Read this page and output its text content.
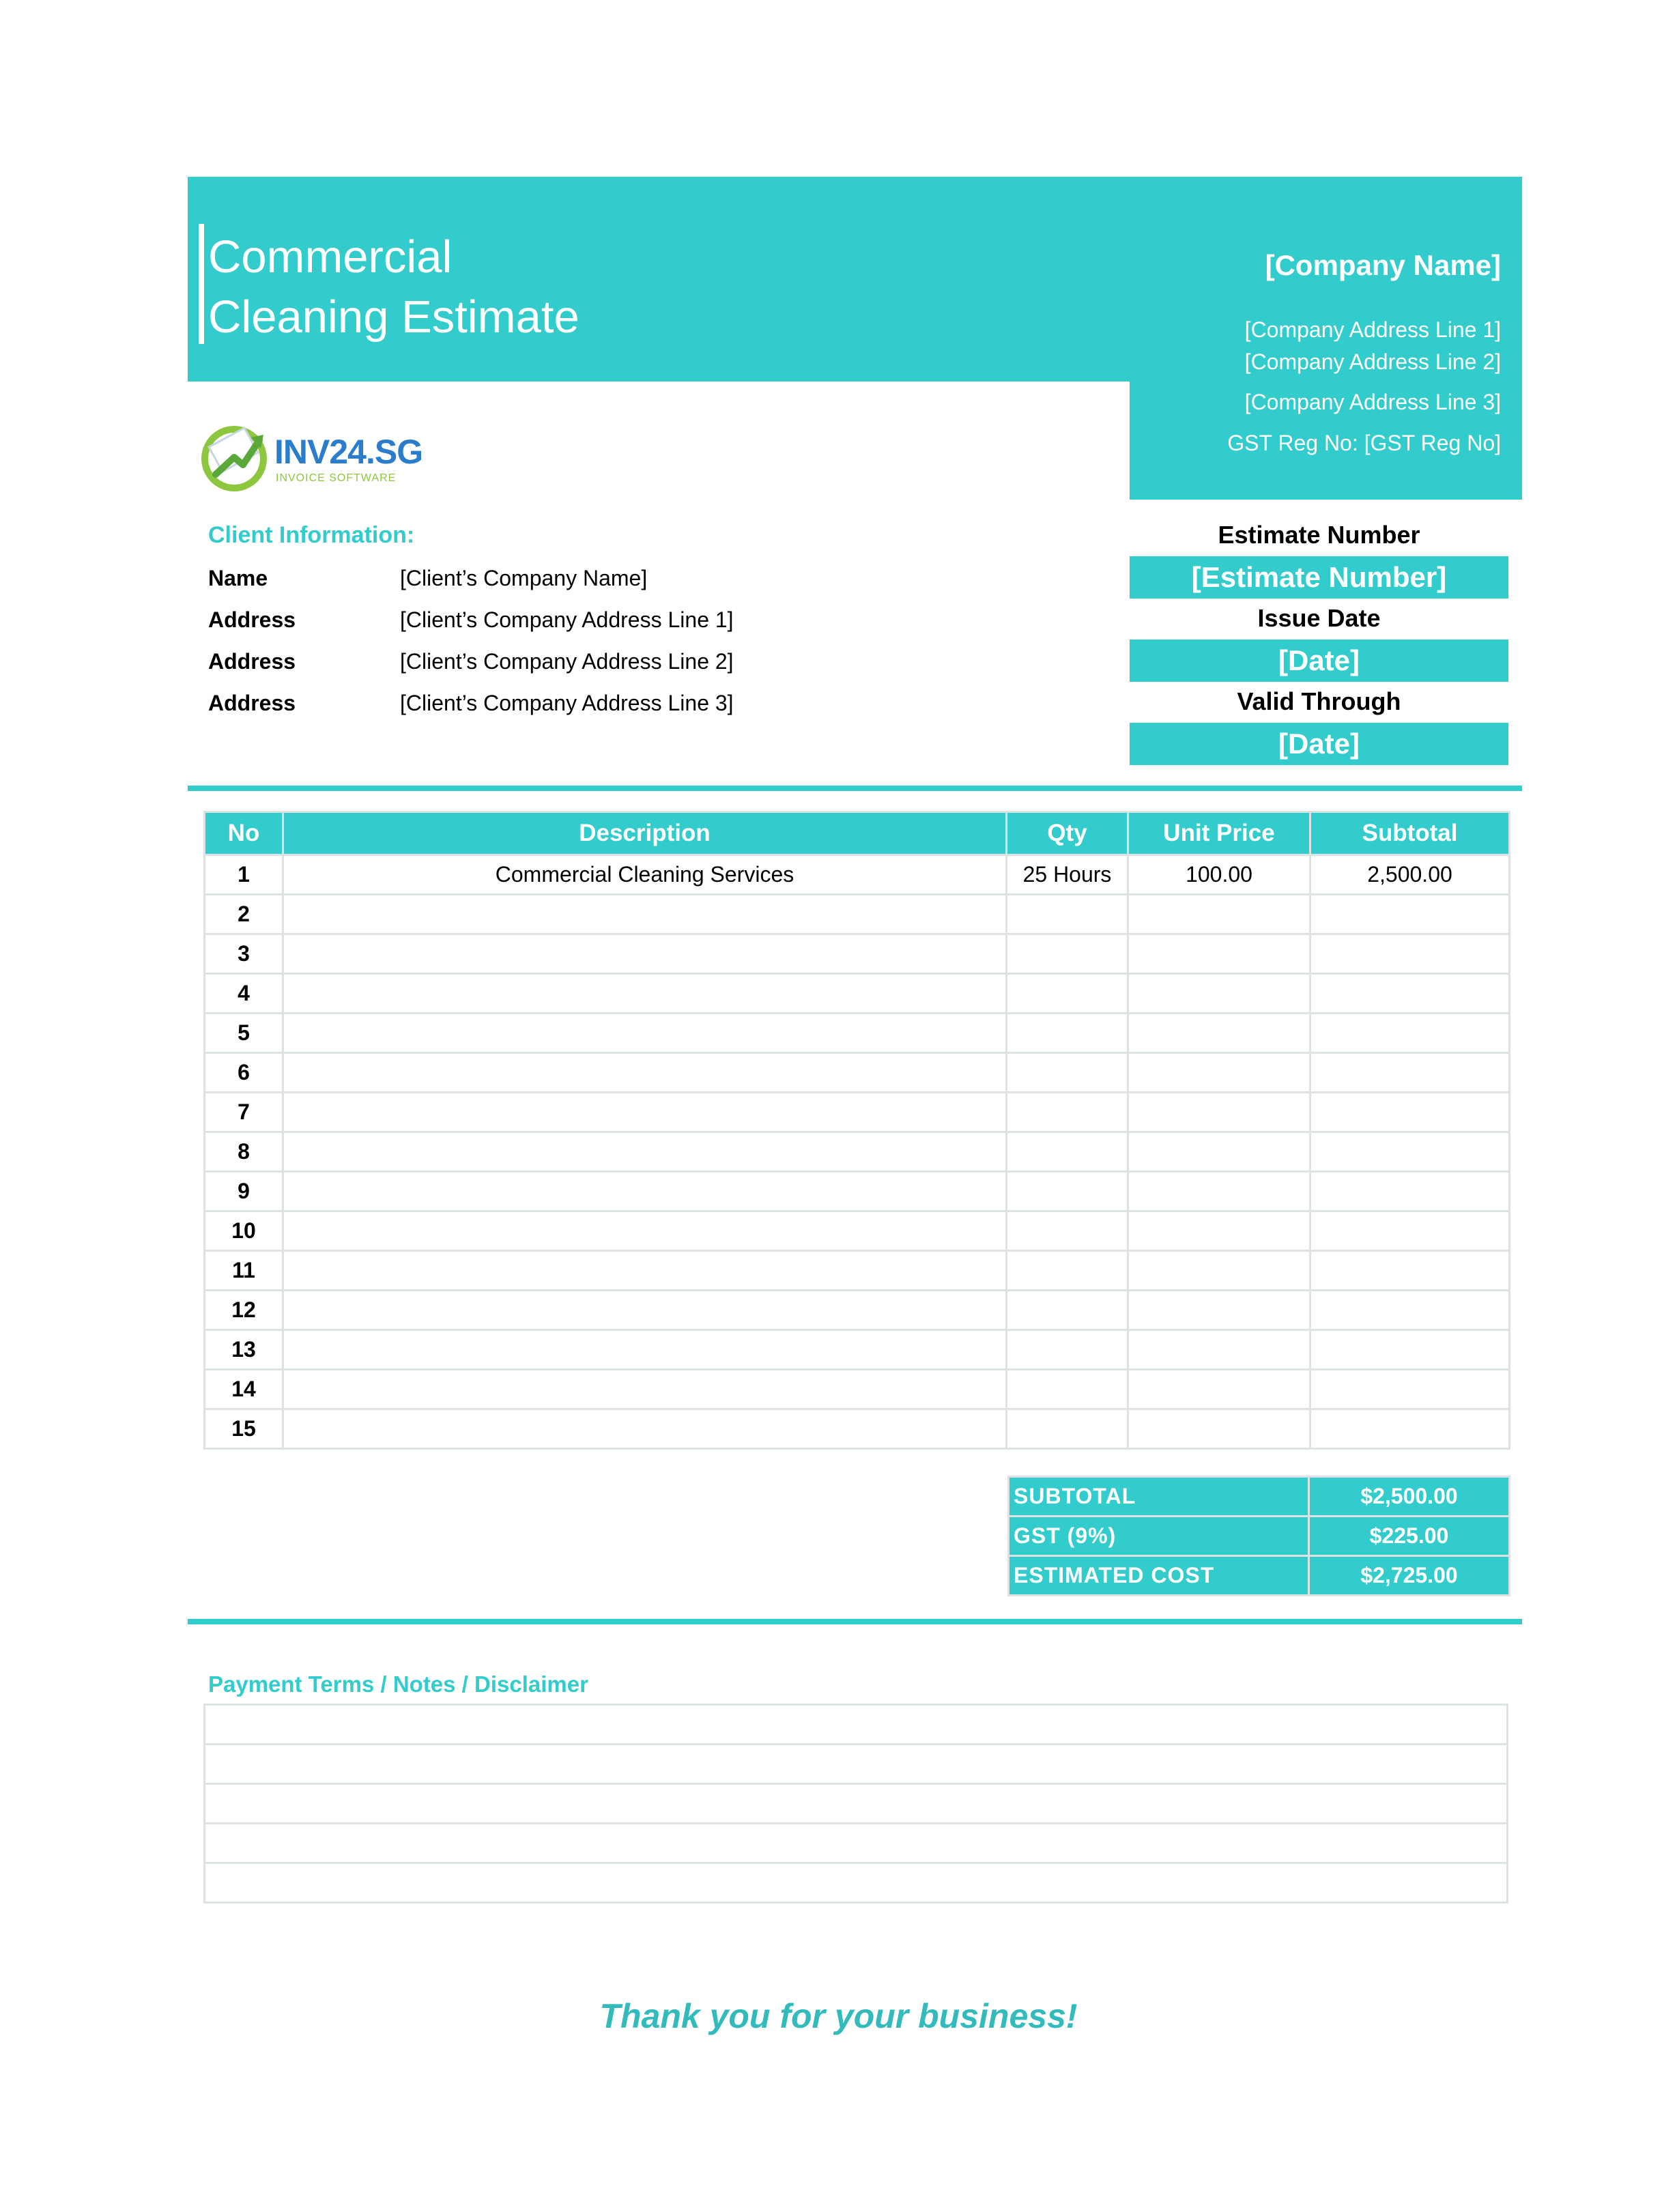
Commercial
Cleaning Estimate
[Company Name]
[Company Address Line 1]
[Company Address Line 2]
[Company Address Line 3]
GST Reg No: [GST Reg No]
INV24.SG
INVOICE SOFTWARE
Client Information:
Name	[Client’s Company Name]
Address	[Client’s Company Address Line 1]
Address	[Client’s Company Address Line 2]
Address	[Client’s Company Address Line 3]
Estimate Number
[Estimate Number]
Issue Date
[Date]
Valid Through
[Date]
No	Description	Qty	Unit Price	Subtotal
1	Commercial Cleaning Services	25 Hours	100.00	2,500.00
2				
3				
4				
5				
6				
7				
8				
9				
10				
11				
12				
13				
14				
15				
SUBTOTAL	$2,500.00
GST (9%)	$225.00
ESTIMATED COST	$2,725.00
Payment Terms / Notes / Disclaimer

Thank you for your business!
